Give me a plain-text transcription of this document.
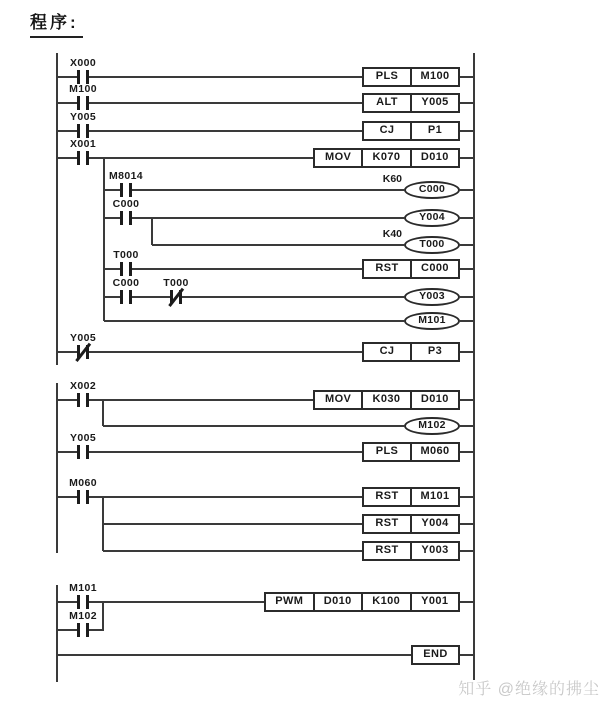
程序:
X000
M100
Y005
X001
M8014
C000
T000
C000	T000
Y005
X002
Y005
M060
M101
M102
C000
K60
Y004
T000
K40
Y003
M101
M102
PLS	M100
ALT	Y005
CJ	P1
MOV	K070	D010
RST	C000
CJ	P3
MOV	K030	D010
PLS	M060
RST	M101
RST	Y004
RST	Y003
PWM	D010	K100	Y001
END
知乎 @绝缘的拂尘
